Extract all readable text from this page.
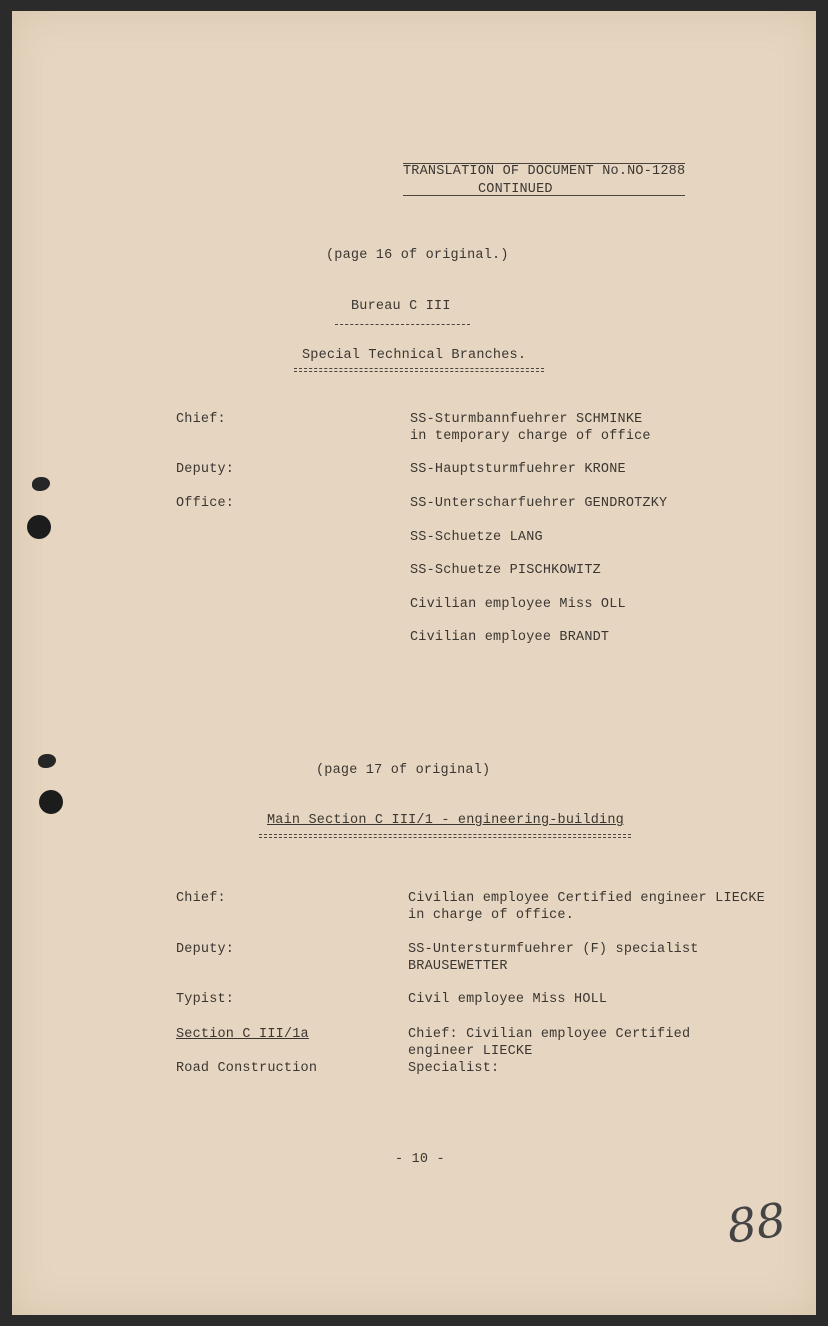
TRANSLATION OF DOCUMENT No.NO-1288
CONTINUED
(page 16 of original.)
Bureau C III
Special Technical Branches.
Chief:	SS-Sturmbannfuehrer SCHMINKE
in temporary charge of office
Deputy:	SS-Hauptsturmfuehrer KRONE
Office:	SS-Unterscharfuehrer GENDROTZKY
SS-Schuetze LANG
SS-Schuetze PISCHKOWITZ
Civilian employee Miss OLL
Civilian employee BRANDT
(page 17 of original)
Main Section C III/1 - engineering-building
Chief:	Civilian employee Certified engineer LIECKE
in charge of office.
Deputy:	SS-Untersturmfuehrer (F) specialist
BRAUSEWETTER
Typist:	Civil employee Miss HOLL
Section C III/1a	Chief: Civilian employee Certified
engineer LIECKE
Road Construction	Specialist:
- 10 -
88
